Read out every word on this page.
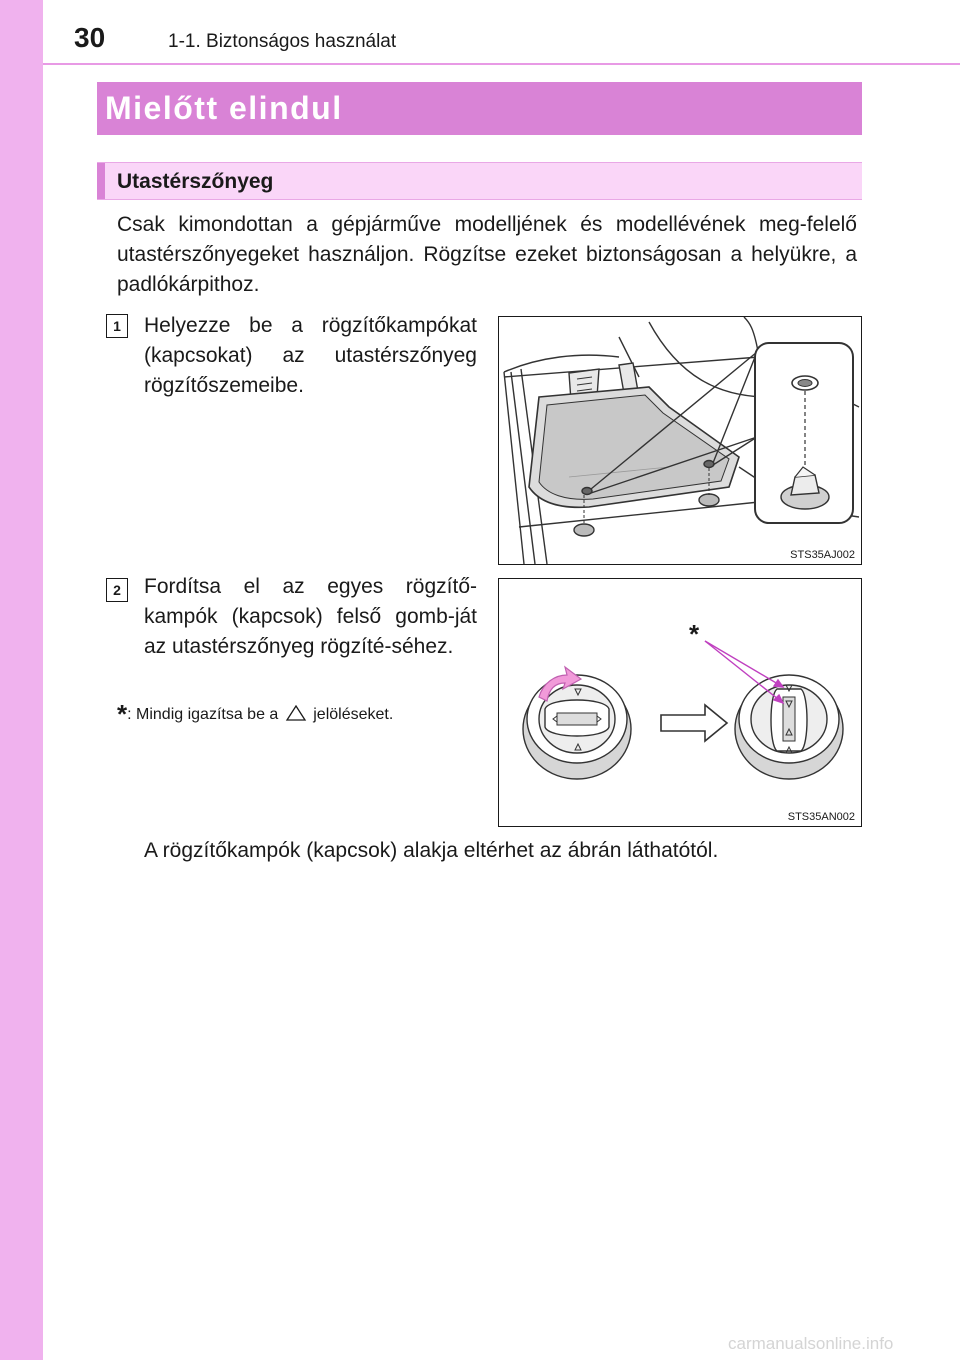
30	1-1. Biztonságos használat
Mielőtt elindul
Utastérszőnyeg
Csak kimondottan a gépjárműve modelljének és modellévének meg-felelő utastérszőnyegeket használjon. Rögzítse ezeket biztonságosan a helyükre, a padlókárpithoz.
1	Helyezze be a rögzítőkampókat (kapcsokat) az utastérszőnyeg rögzítőszemeibe.
STS35AJ002
2	Fordítsa el az egyes rögzítő-kampók (kapcsok) felső gomb-ját az utastérszőnyeg rögzíté-séhez.
*: Mindig igazítsa be a jelöléseket.
*
STS35AN002
A rögzítőkampók (kapcsok) alakja eltérhet az ábrán láthatótól.
carmanualsonline.info
